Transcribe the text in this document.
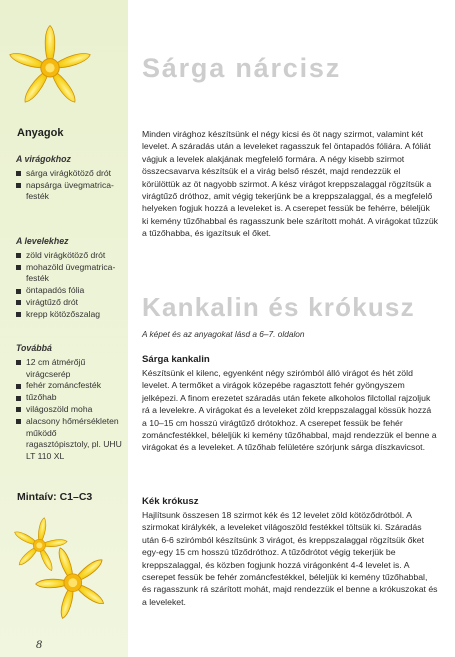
Anyagok
A virágokhoz
sárga virágkötöző drót
napsárga üvegmatrica-festék
A levelekhez
zöld virágkötöző drót
mohazöld üvegmatrica-festék
öntapadós fólia
virágtűző drót
krepp kötözőszalag
Továbbá
12 cm átmérőjű virágcserép
fehér zománcfesték
tűzőhab
világoszöld moha
alacsony hőmérsékleten működő ragasztópisztoly, pl. UHU LT 110 XL
Mintaív: C1–C3
8
Sárga nárcisz

Minden virághoz készítsünk el négy kicsi és öt nagy szirmot, valamint két levelet. A száradás után a leveleket ragasszuk fel öntapadós fóliára. A fóliát vágjuk a levelek alakjának megfelelő formára. A négy kisebb szirmot összecsavarva készítsük el a virág belső részét, majd rendezzük el körülöttük az öt nagyobb szirmot. A kész virágot kreppszalaggal rögzítsük a virágtűző dróthoz, amit végig tekerjünk be a kreppszalaggal, és a megfelelő helyeken fogjuk hozzá a leveleket is. A cserepet fessük be fehérre, béleljük ki kemény tűzőhabbal és ragasszunk bele szárított mohát. A virágokat tűzzük a tűzőhabba, és igazítsuk el őket.

Kankalin és krókusz
A képet és az anyagokat lásd a 6–7. oldalon
Sárga kankalin

Készítsünk el kilenc, egyenként négy szirómból álló virágot és hét zöld levelet. A termőket a virágok közepébe ragasztott fehér gyöngyszem jelképezi. A finom erezetet száradás után fekete alkoholos filctollal rajzoljuk rá a levelekre. A virágokat és a leveleket zöld kreppszalaggal kössük hozzá a 10–15 cm hosszú virágtűző drótokhoz. A cserepet fessük be fehér zománcfestékkel, béleljük ki kemény tűzőhabbal, majd rendezzük el benne a virágokat és a leveleket. A tűzőhab felületére szórjunk sárga díszkavicsot.

Kék krókusz

Hajlítsunk összesen 18 szirmot kék és 12 levelet zöld kötöződrótból. A szirmokat királykék, a leveleket világoszöld festékkel töltsük ki. Száradás után 6-6 szirómból készítsünk 3 virágot, és kreppszalaggal rögzítsük őket egy-egy 15 cm hosszú tűződróthoz. A tűződrótot végig tekerjük be kreppszalaggal, és közben fogjunk hozzá virágonként 4-4 levelet is. A cserepet fessük be fehér zománcfestékkel, béleljük ki kemény tűzőhabbal, és ragasszunk rá szárított mohát, majd rendezzük el benne a krókuszokat és a leveleket.
